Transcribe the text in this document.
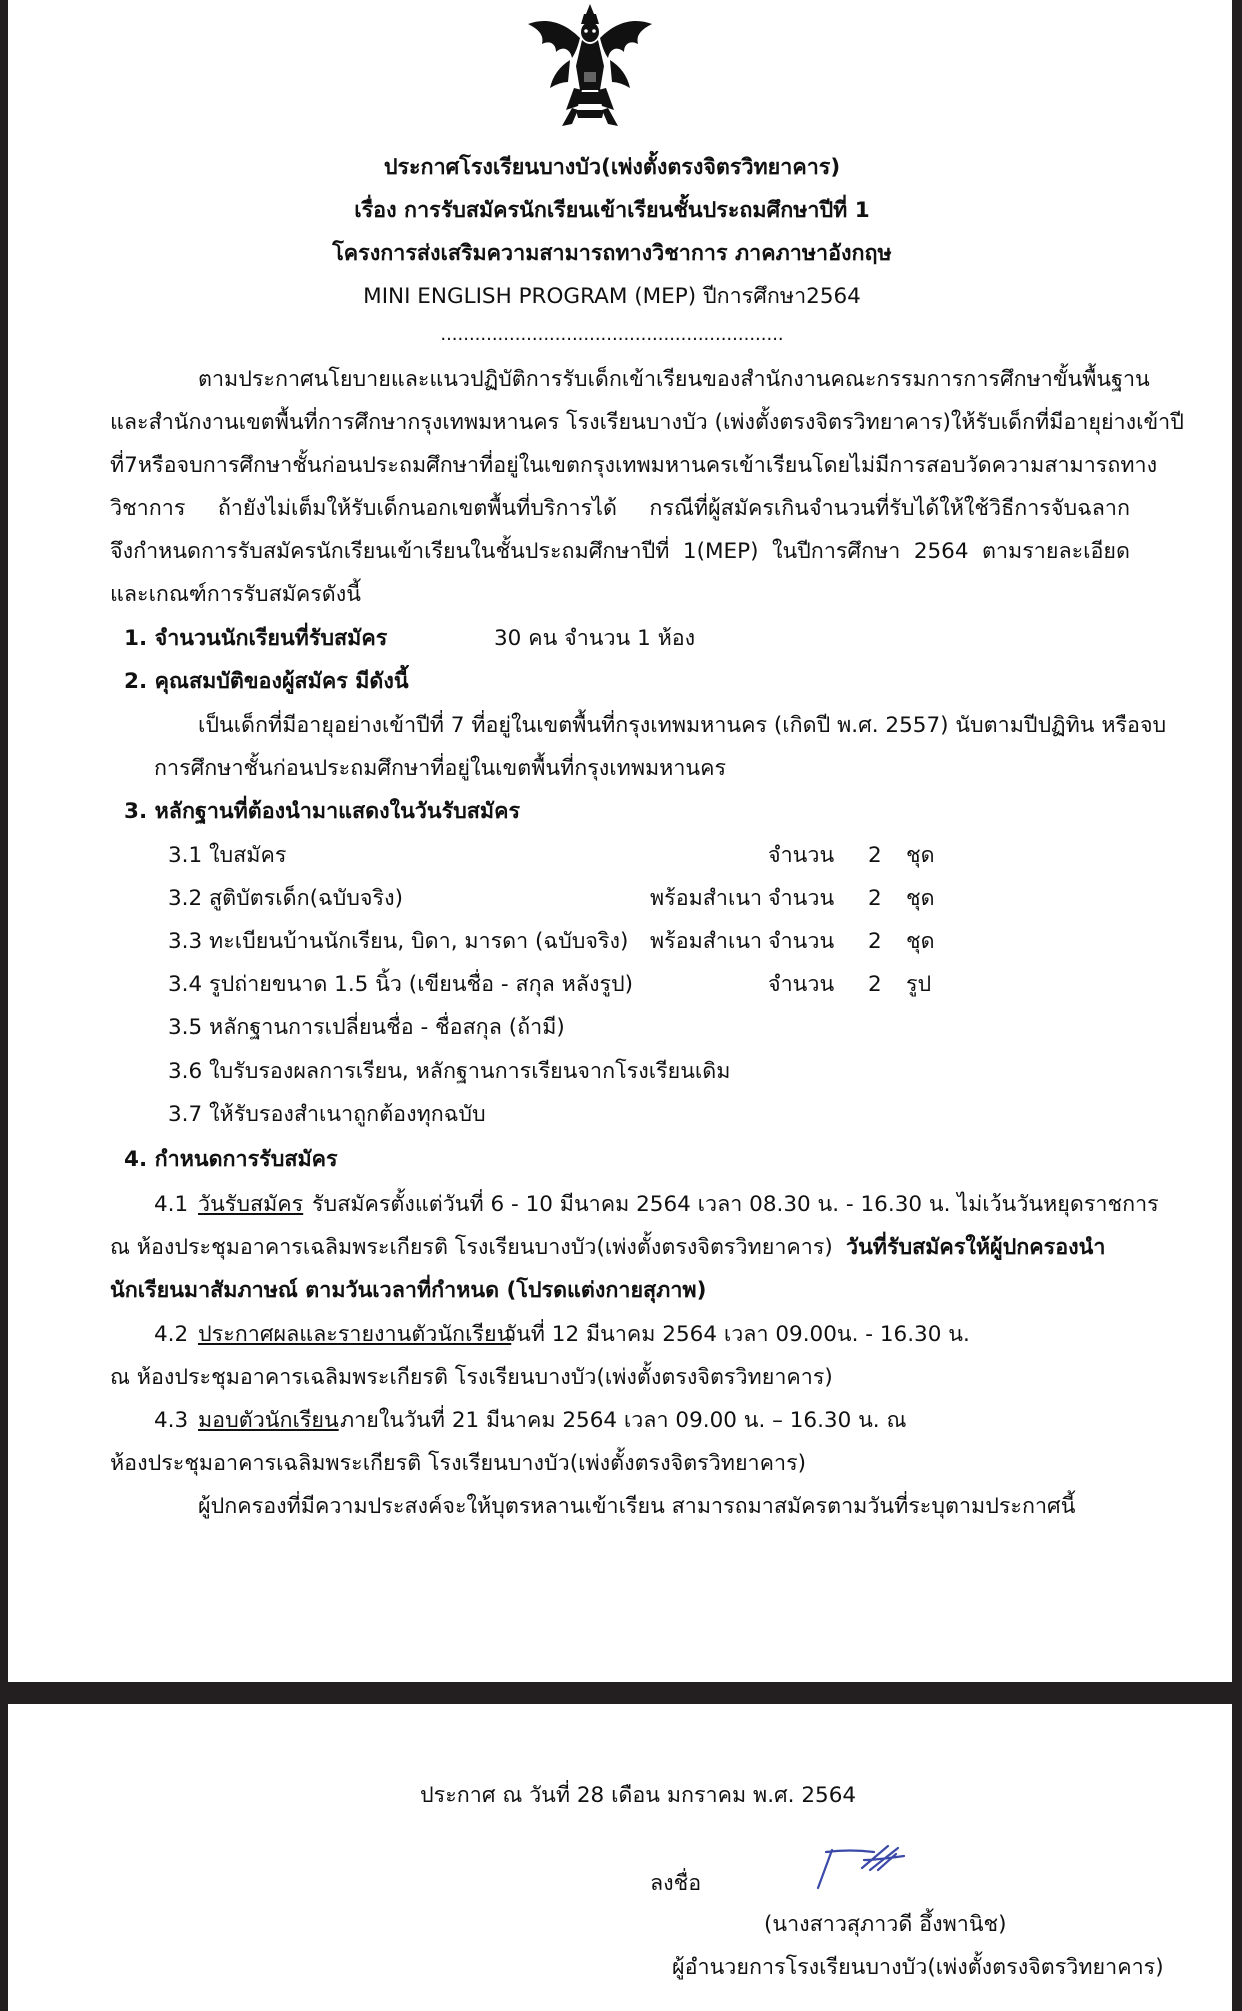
ประกาศโรงเรียนบางบัว(เพ่งตั้งตรงจิตรวิทยาคาร)
เรื่อง การรับสมัครนักเรียนเข้าเรียนชั้นประถมศึกษาปีที่ 1
โครงการส่งเสริมความสามารถทางวิชาการ ภาคภาษาอังกฤษ
MINI ENGLISH PROGRAM (MEP) ปีการศึกษา2564
............................................................
ตามประกาศนโยบายและแนวปฏิบัติการรับเด็กเข้าเรียนของสำนักงานคณะกรรมการการศึกษาขั้นพื้นฐาน
และสำนักงานเขตพื้นที่การศึกษากรุงเทพมหานคร โรงเรียนบางบัว (เพ่งตั้งตรงจิตรวิทยาคาร)ให้รับเด็กที่มีอายุย่างเข้าปี
ที่7หรือจบการศึกษาชั้นก่อนประถมศึกษาที่อยู่ในเขตกรุงเทพมหานครเข้าเรียนโดยไม่มีการสอบวัดความสามารถทาง
วิชาการ ถ้ายังไม่เต็มให้รับเด็กนอกเขตพื้นที่บริการได้ กรณีที่ผู้สมัครเกินจำนวนที่รับได้ให้ใช้วิธีการจับฉลาก
จึงกำหนดการรับสมัครนักเรียนเข้าเรียนในชั้นประถมศึกษาปีที่ 1(MEP) ในปีการศึกษา 2564 ตามรายละเอียด
และเกณฑ์การรับสมัครดังนี้
1. จำนวนนักเรียนที่รับสมัคร	30 คน จำนวน 1 ห้อง
2. คุณสมบัติของผู้สมัคร มีดังนี้
เป็นเด็กที่มีอายุอย่างเข้าปีที่ 7 ที่อยู่ในเขตพื้นที่กรุงเทพมหานคร (เกิดปี พ.ศ. 2557) นับตามปีปฏิทิน หรือจบ
การศึกษาชั้นก่อนประถมศึกษาที่อยู่ในเขตพื้นที่กรุงเทพมหานคร
3. หลักฐานที่ต้องนำมาแสดงในวันรับสมัคร
3.1 ใบสมัคร	จำนวน 2 ชุด
3.2 สูติบัตรเด็ก(ฉบับจริง)	พร้อมสำเนา จำนวน 2 ชุด
3.3 ทะเบียนบ้านนักเรียน, บิดา, มารดา (ฉบับจริง) พร้อมสำเนา จำนวน 2 ชุด
3.4 รูปถ่ายขนาด 1.5 นิ้ว (เขียนชื่อ - สกุล หลังรูป)	จำนวน 2 รูป
3.5 หลักฐานการเปลี่ยนชื่อ - ชื่อสกุล (ถ้ามี)
3.6 ใบรับรองผลการเรียน, หลักฐานการเรียนจากโรงเรียนเดิม
3.7 ให้รับรองสำเนาถูกต้องทุกฉบับ
4. กำหนดการรับสมัคร
4.1 วันรับสมัคร รับสมัครตั้งแต่วันที่ 6 - 10 มีนาคม 2564 เวลา 08.30 น. - 16.30 น. ไม่เว้นวันหยุดราชการ
ณ ห้องประชุมอาคารเฉลิมพระเกียรติ โรงเรียนบางบัว(เพ่งตั้งตรงจิตรวิทยาคาร) วันที่รับสมัครให้ผู้ปกครองนำ
นักเรียนมาสัมภาษณ์ ตามวันเวลาที่กำหนด (โปรดแต่งกายสุภาพ)
4.2 ประกาศผลและรายงานตัวนักเรียน
วันที่ 12 มีนาคม 2564 เวลา 09.00น. - 16.30 น.
ณ ห้องประชุมอาคารเฉลิมพระเกียรติ โรงเรียนบางบัว(เพ่งตั้งตรงจิตรวิทยาคาร)
4.3 มอบตัวนักเรียน ภายในวันที่ 21 มีนาคม 2564 เวลา 09.00 น. – 16.30 น. ณ
ห้องประชุมอาคารเฉลิมพระเกียรติ โรงเรียนบางบัว(เพ่งตั้งตรงจิตรวิทยาคาร)
ผู้ปกครองที่มีความประสงค์จะให้บุตรหลานเข้าเรียน สามารถมาสมัครตามวันที่ระบุตามประกาศนี้
ประกาศ ณ วันที่ 28 เดือน มกราคม พ.ศ. 2564
ลงชื่อ
(นางสาวสุภาวดี อึ้งพานิช)
ผู้อำนวยการโรงเรียนบางบัว(เพ่งตั้งตรงจิตรวิทยาคาร)
